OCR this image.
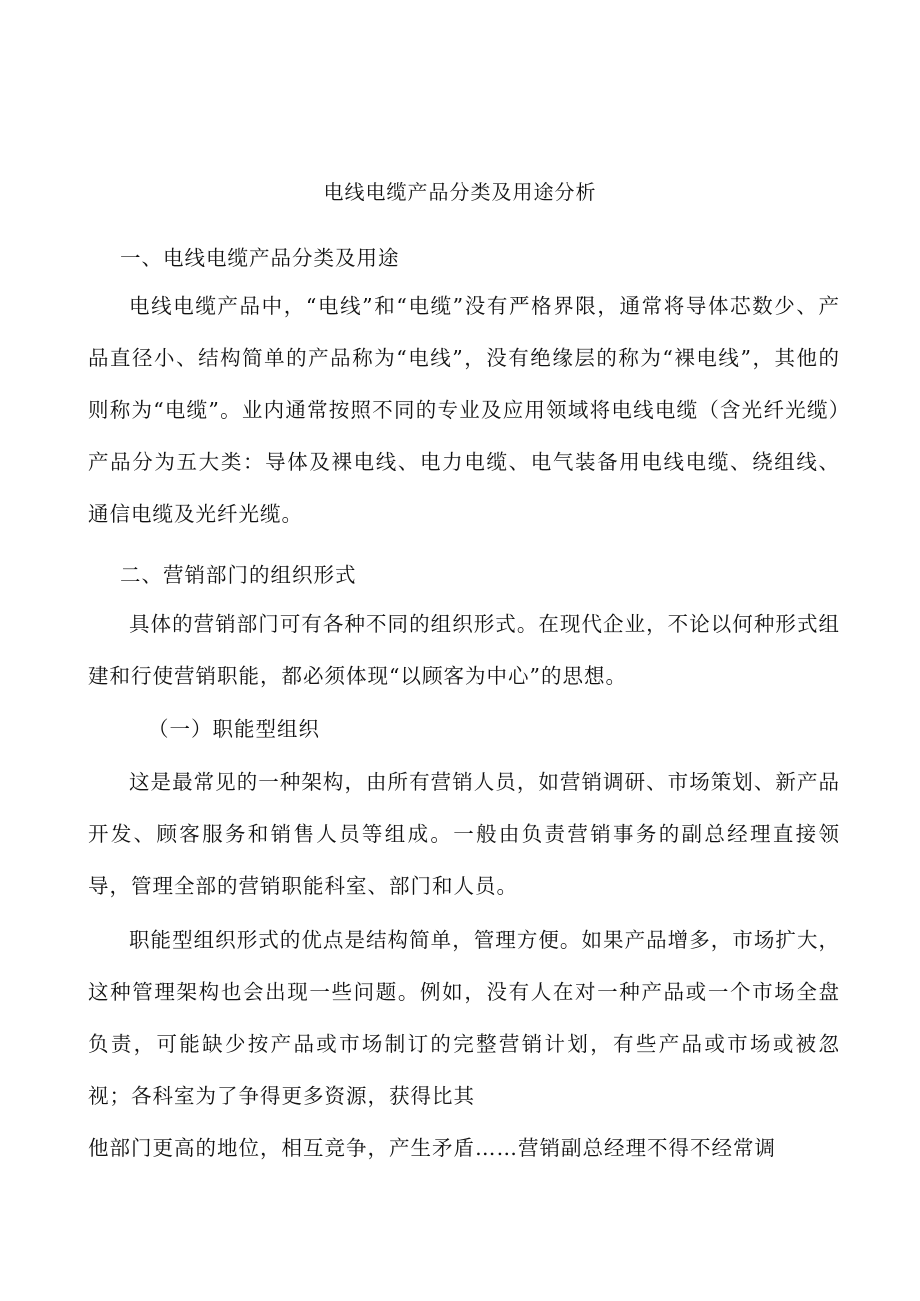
电线电缆产品分类及用途分析
一、电线电缆产品分类及用途

电线电缆产品中，“电线”和“电缆”没有严格界限，通常将导体芯数少、产品直径小、结构简单的产品称为“电线”，没有绝缘层的称为“裸电线”，其他的则称为“电缆”。业内通常按照不同的专业及应用领域将电线电缆（含光纤光缆）产品分为五大类：导体及裸电线、电力电缆、电气装备用电线电缆、绕组线、通信电缆及光纤光缆。

二、营销部门的组织形式

具体的营销部门可有各种不同的组织形式。在现代企业，不论以何种形式组建和行使营销职能，都必须体现“以顾客为中心”的思想。

（一）职能型组织

这是最常见的一种架构，由所有营销人员，如营销调研、市场策划、新产品开发、顾客服务和销售人员等组成。一般由负责营销事务的副总经理直接领导，管理全部的营销职能科室、部门和人员。

职能型组织形式的优点是结构简单，管理方便。如果产品增多，市场扩大，这种管理架构也会出现一些问题。例如，没有人在对一种产品或一个市场全盘负责，可能缺少按产品或市场制订的完整营销计划，有些产品或市场或被忽视；各科室为了争得更多资源，获得比其

他部门更高的地位，相互竞争，产生矛盾……营销副总经理不得不经常调
